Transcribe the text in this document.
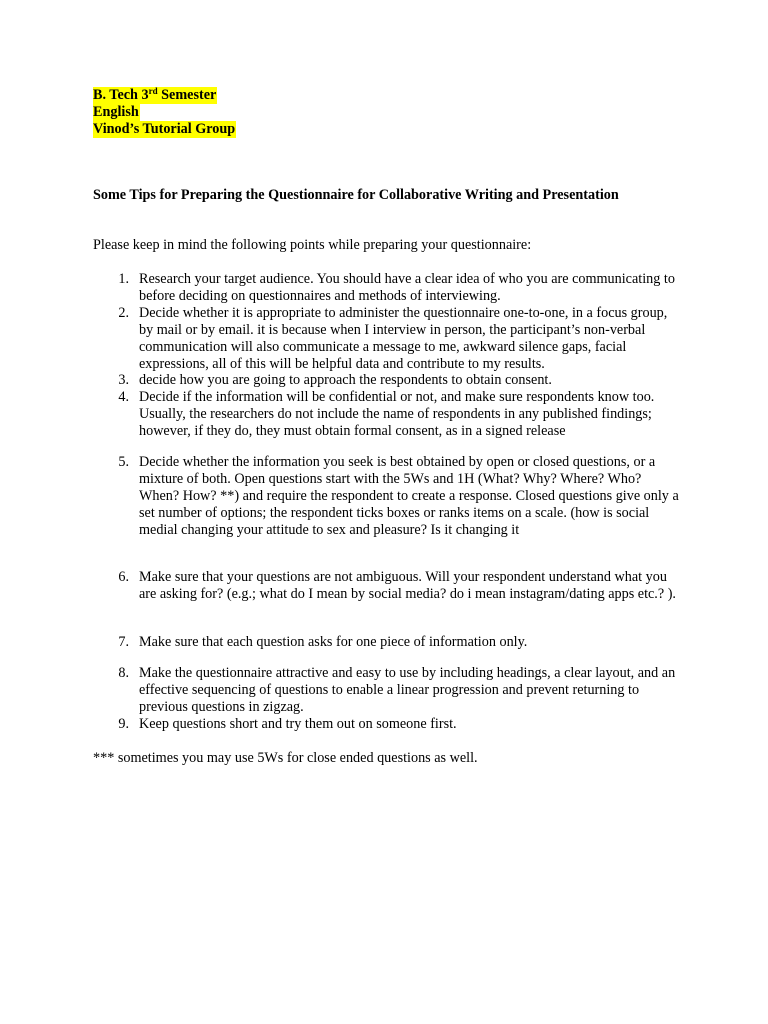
B. Tech 3rd Semester
English
Vinod’s Tutorial Group
Some Tips for Preparing the Questionnaire for Collaborative Writing and Presentation
Please keep in mind the following points while preparing your questionnaire:
1. Research your target audience. You should have a clear idea of who you are communicating to before deciding on questionnaires and methods of interviewing.
2. Decide whether it is appropriate to administer the questionnaire one-to-one, in a focus group, by mail or by email. it is because when I interview in person, the participant’s non-verbal communication will also communicate a message to me, awkward silence gaps, facial expressions, all of this will be helpful data and contribute to my results.
3. decide how you are going to approach the respondents to obtain consent.
4. Decide if the information will be confidential or not, and make sure respondents know too. Usually, the researchers do not include the name of respondents in any published findings; however, if they do, they must obtain formal consent, as in a signed release
5. Decide whether the information you seek is best obtained by open or closed questions, or a mixture of both. Open questions start with the 5Ws and 1H (What? Why? Where? Who? When? How? **) and require the respondent to create a response. Closed questions give only a set number of options; the respondent ticks boxes or ranks items on a scale. (how is social medial changing your attitude to sex and pleasure? Is it changing it
6. Make sure that your questions are not ambiguous. Will your respondent understand what you are asking for? (e.g.; what do I mean by social media? do i mean instagram/dating apps etc.? ).
7. Make sure that each question asks for one piece of information only.
8. Make the questionnaire attractive and easy to use by including headings, a clear layout, and an effective sequencing of questions to enable a linear progression and prevent returning to previous questions in zigzag.
9. Keep questions short and try them out on someone first.
*** sometimes you may use 5Ws for close ended questions as well.
